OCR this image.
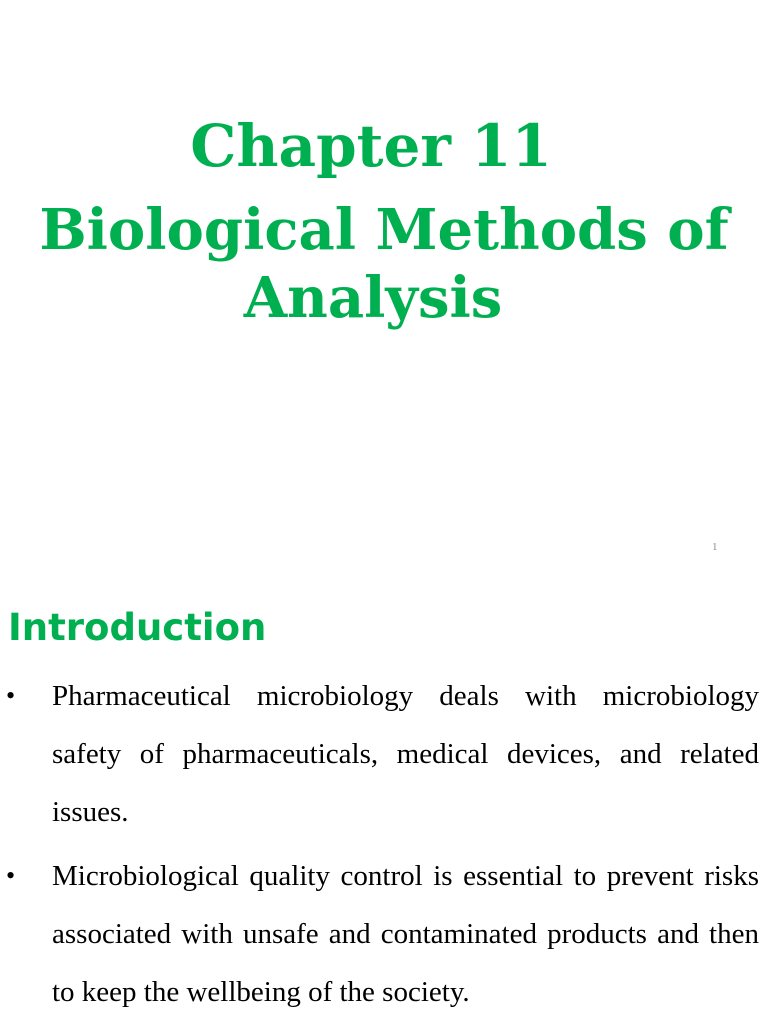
Chapter 11
Biological Methods of
Analysis
1
Introduction
• Pharmaceutical microbiology deals with microbiology safety of pharmaceuticals, medical devices, and related issues.
• Microbiological quality control is essential to prevent risks associated with unsafe and contaminated products and then to keep the wellbeing of the society.
